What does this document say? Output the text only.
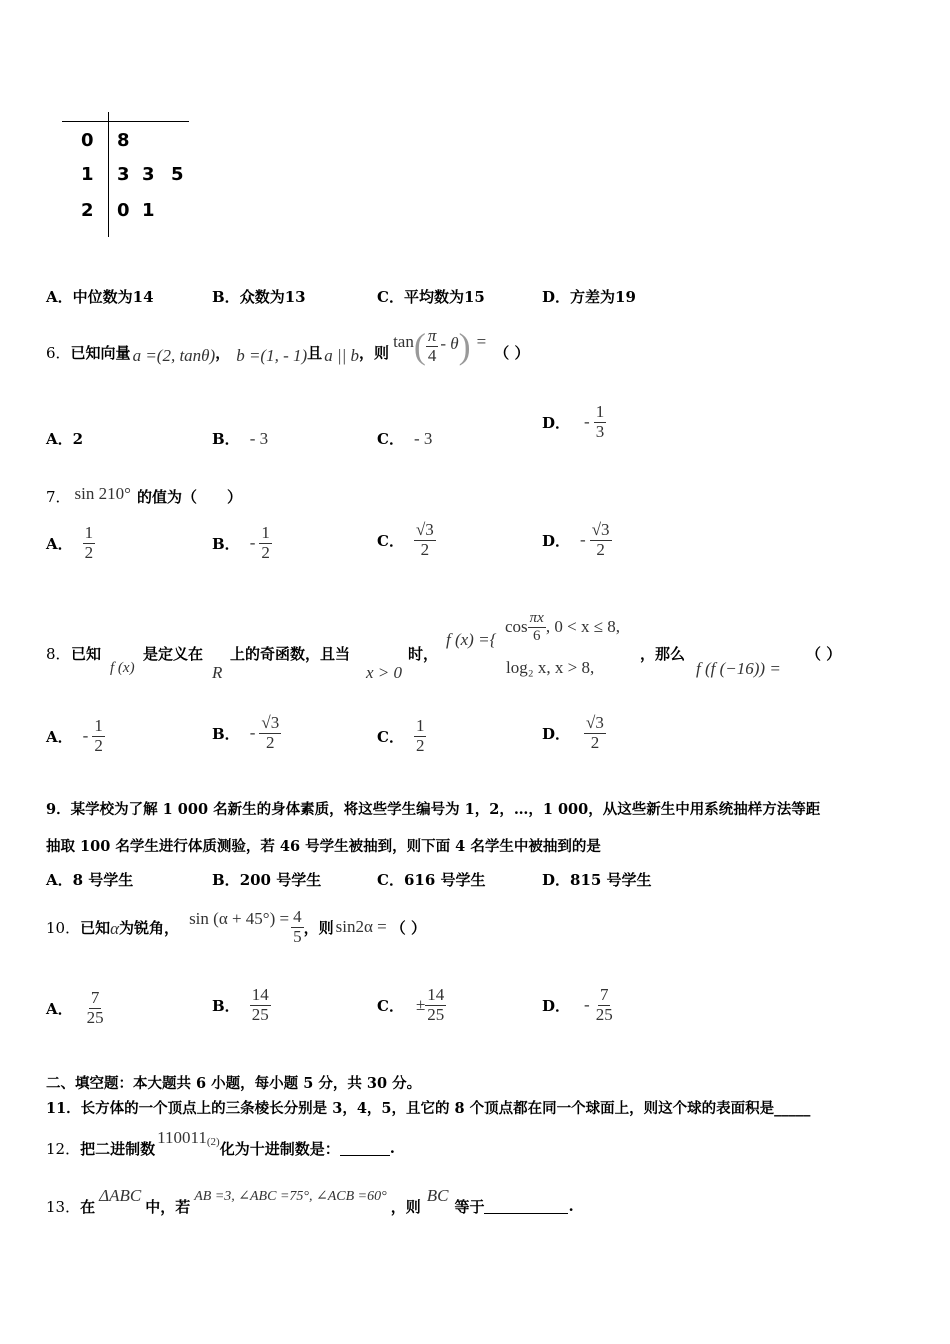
0 8
1 3 3 5
2 0 1
A．中位数为14	B．众数为13	C．平均数为15	D．方差为19
6． 已知向量 a =(2, tanθ) ， b =(1, - 1) 且 a || b ，则
tan ( $\frac{\pi}{4}$ - θ ) =
（ ）
A．2	B． - 3	C． - 3
D． - $\frac{1}{3}$
7． sin 210° 的值为（　　）
A． $\frac{1}{2}$	B． - $\frac{1}{2}$	C． $\frac{√3}{2}$	D． - $\frac{√3}{2}$
8． 已知
f (x)
是定义在
R
上的奇函数，且当
x > 0
时，
f (x) ={
$\cos \frac{\pi x}{6}$ , 0 < x ≤ 8,
log₂ x, x > 8,
，那么
f (f (−16)) =
（ ）
A． - $\frac{1}{2}$	B． - $\frac{√3}{2}$	C． $\frac{1}{2}$	D． $\frac{√3}{2}$
9．某学校为了解 1 000 名新生的身体素质，将这些学生编号为 1，2，…，1 000，从这些新生中用系统抽样方法等距
抽取 100 名学生进行体质测验，若 46 号学生被抽到，则下面 4 名学生中被抽到的是
A．8 号学生	B．200 号学生	C．616 号学生	D．815 号学生
10． 已知 α 为锐角， $\sin (\alpha + 45^\circ) = \frac{4}{5}$ ，则 sin2α = （ ）
A． $\frac{7}{25}$	B． $\frac{14}{25}$	C． ± $\frac{14}{25}$	D． - $\frac{7}{25}$
二、填空题：本大题共 6 小题，每小题 5 分，共 30 分。
11．长方体的一个顶点上的三条棱长分别是 3，4，5，且它的 8 个顶点都在同一个球面上，则这个球的表面积是_____
12． 把二进制数
110011 (2) 化为十进制数是：	.
13． 在
ΔABC
中，若
AB =3, ∠ABC =75°, ∠ACB =60°
，则
BC
等于	.
